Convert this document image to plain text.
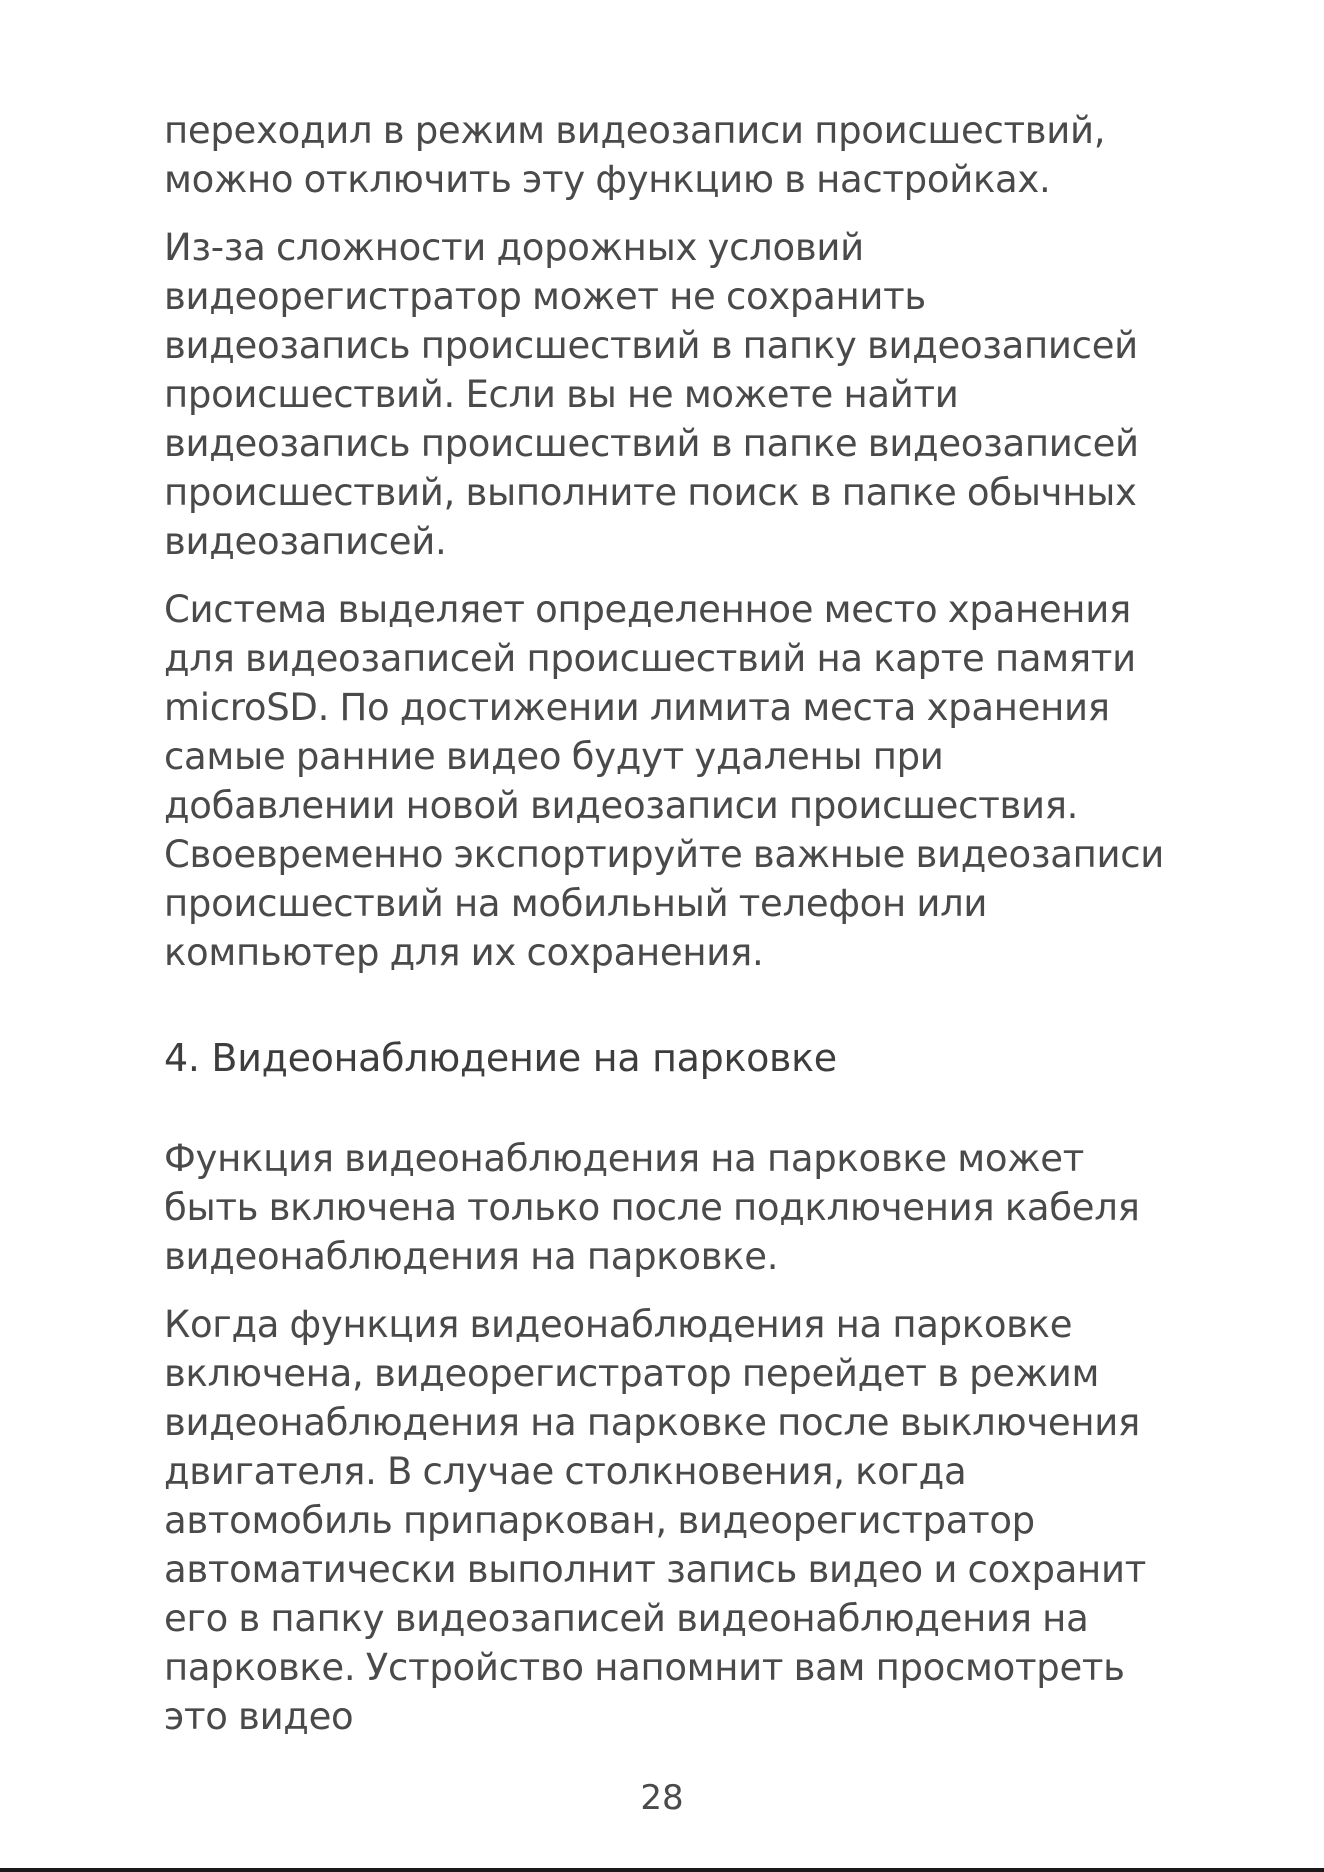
переходил в режим видеозаписи происшествий, можно отключить эту функцию в настройках.

Из-за сложности дорожных условий видеорегистратор может не сохранить видеозапись происшествий в папку видеозаписей происшествий. Если вы не можете найти видеозапись происшествий в папке видеозаписей происшествий, выполните поиск в папке обычных видеозаписей.

Система выделяет определенное место хранения для видеозаписей происшествий на карте памяти microSD. По достижении лимита места хранения самые ранние видео будут удалены при добавлении новой видеозаписи происшествия. Своевременно экспортируйте важные видеозаписи происшествий на мобильный телефон или компьютер для их сохранения.

4. Видеонаблюдение на парковке

Функция видеонаблюдения на парковке может быть включена только после подключения кабеля видеонаблюдения на парковке.

Когда функция видеонаблюдения на парковке включена, видеорегистратор перейдет в режим видеонаблюдения на парковке после выключения двигателя. В случае столкновения, когда автомобиль припаркован, видеорегистратор автоматически выполнит запись видео и сохранит его в папку видеозаписей видеонаблюдения на парковке. Устройство напомнит вам просмотреть это видео

28
